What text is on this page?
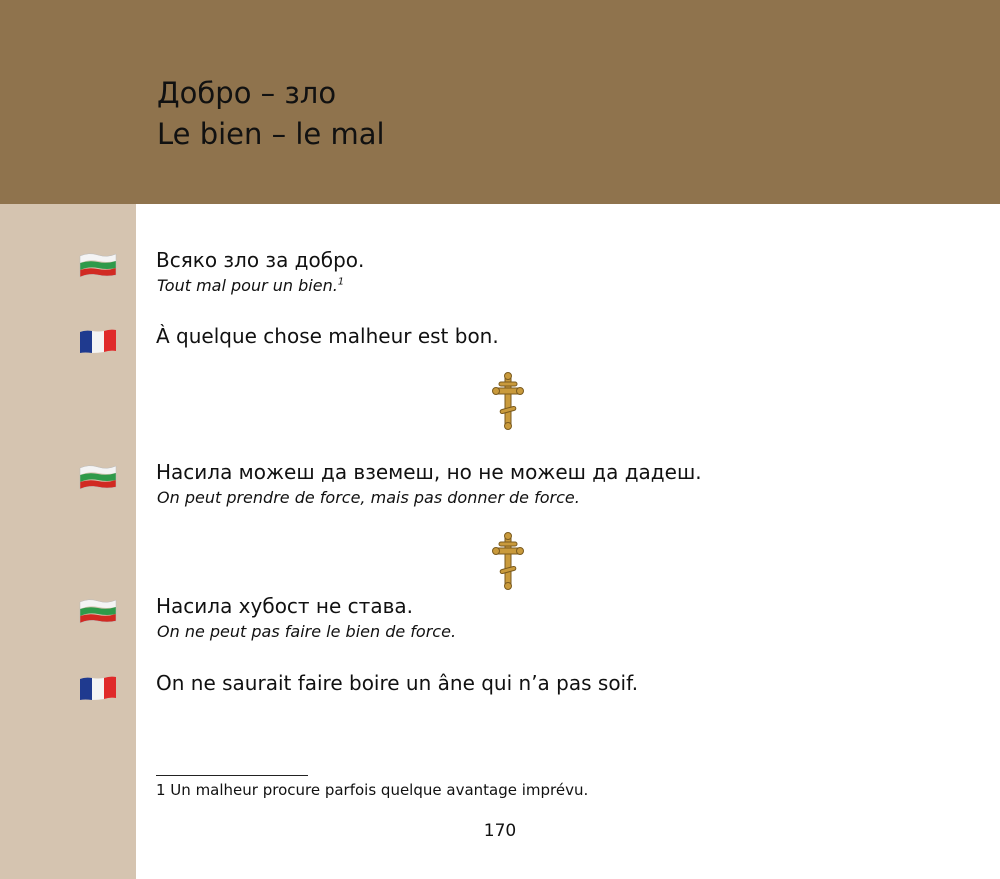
Добро – зло
Le bien – le mal
Всяко зло за добро.
Tout mal pour un bien.$^1$
À quelque chose malheur est bon.
Насила можеш да вземеш, но не можеш да дадеш.
On peut prendre de force, mais pas donner de force.
Насила хубост не става.
On ne peut pas faire le bien de force.
On ne saurait faire boire un âne qui n’a pas soif.
1 Un malheur procure parfois quelque avantage imprévu.
170
